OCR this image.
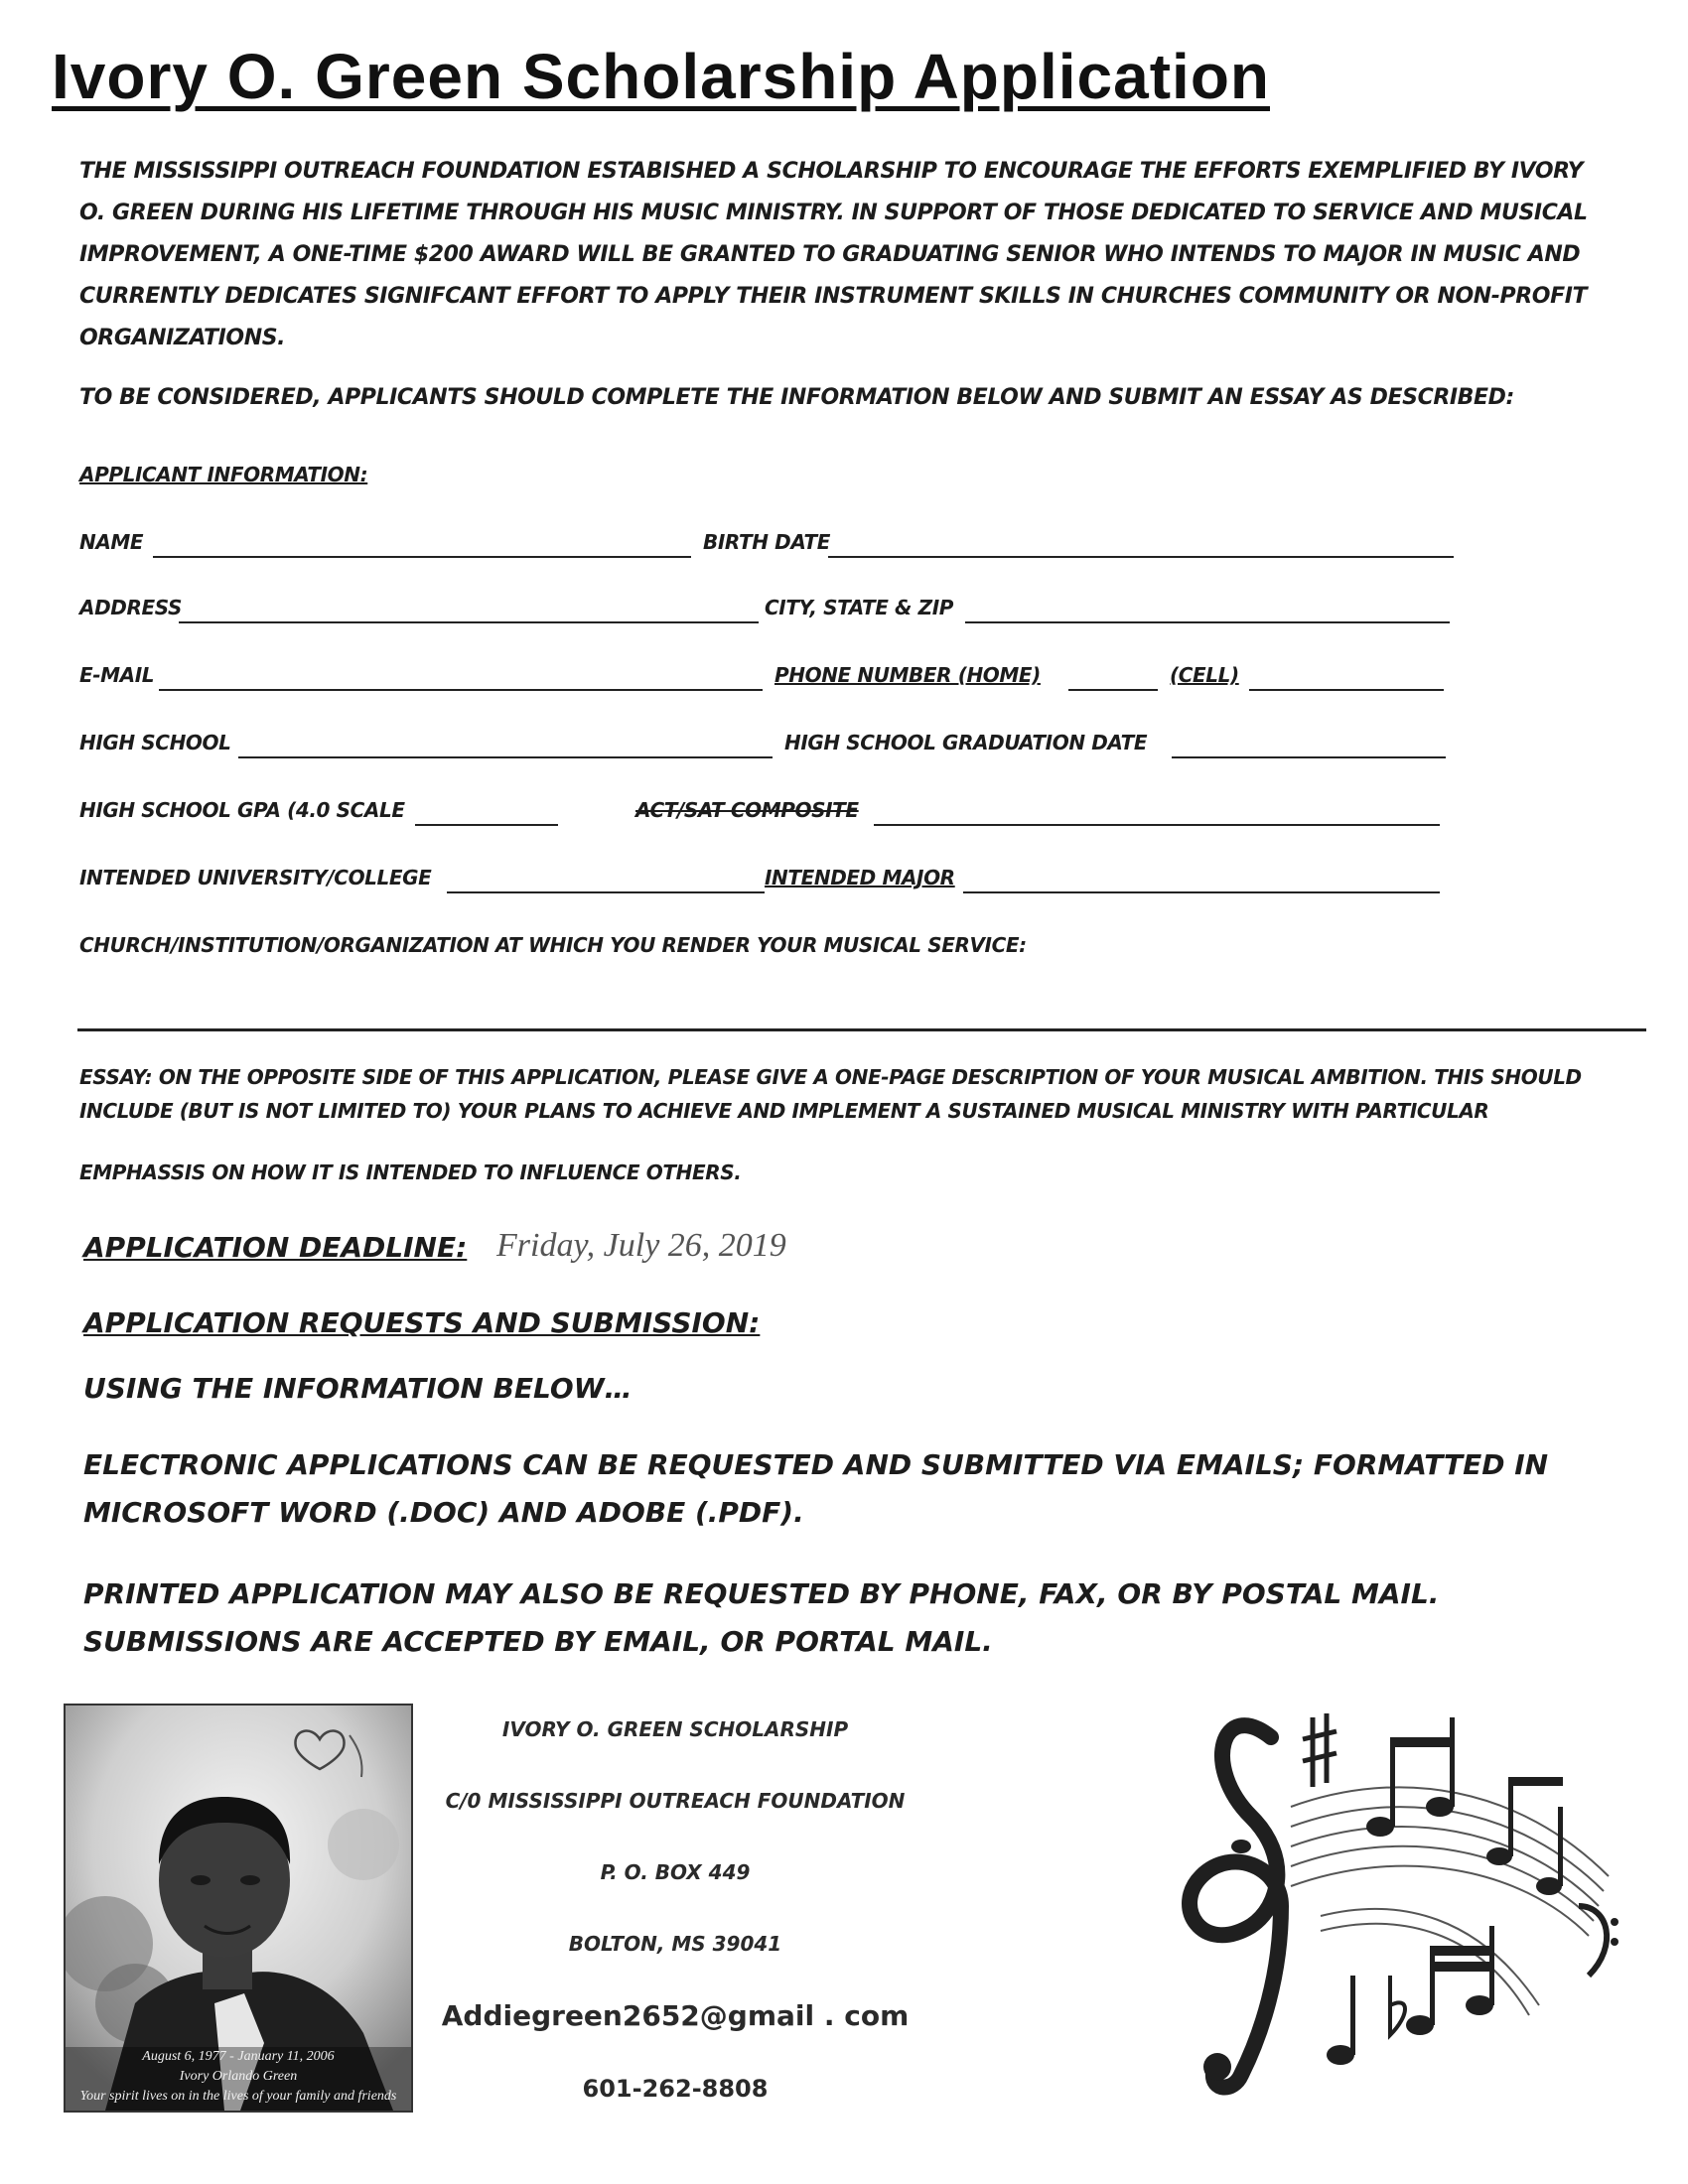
Ivory O. Green Scholarship Application
THE MISSISSIPPI OUTREACH FOUNDATION ESTABISHED A SCHOLARSHIP TO ENCOURAGE THE EFFORTS EXEMPLIFIED BY IVORY O. GREEN DURING HIS LIFETIME THROUGH HIS MUSIC MINISTRY. IN SUPPORT OF THOSE DEDICATED TO SERVICE AND MUSICAL IMPROVEMENT, A ONE-TIME $200 AWARD WILL BE GRANTED TO GRADUATING SENIOR WHO INTENDS TO MAJOR IN MUSIC AND CURRENTLY DEDICATES SIGNIFCANT EFFORT TO APPLY THEIR INSTRUMENT SKILLS IN CHURCHES COMMUNITY OR NON-PROFIT ORGANIZATIONS.
TO BE CONSIDERED, APPLICANTS SHOULD COMPLETE THE INFORMATION BELOW AND SUBMIT AN ESSAY AS DESCRIBED:
APPLICANT INFORMATION:
NAME	BIRTH DATE
ADDRESS	CITY, STATE & ZIP
E-MAIL	PHONE NUMBER (HOME)	(CELL)
HIGH SCHOOL	HIGH SCHOOL GRADUATION DATE
HIGH SCHOOL GPA (4.0 SCALE	ACT/SAT COMPOSITE
INTENDED UNIVERSITY/COLLEGE	INTENDED MAJOR
CHURCH/INSTITUTION/ORGANIZATION AT WHICH YOU RENDER YOUR MUSICAL SERVICE:

ESSAY: ON THE OPPOSITE SIDE OF THIS APPLICATION, PLEASE GIVE A ONE-PAGE DESCRIPTION OF YOUR MUSICAL AMBITION. THIS SHOULD INCLUDE (BUT IS NOT LIMITED TO) YOUR PLANS TO ACHIEVE AND IMPLEMENT A SUSTAINED MUSICAL MINISTRY WITH PARTICULAR

EMPHASSIS ON HOW IT IS INTENDED TO INFLUENCE OTHERS.

APPLICATION DEADLINE: Friday, July 26, 2019
APPLICATION REQUESTS AND SUBMISSION:
USING THE INFORMATION BELOW…
ELECTRONIC APPLICATIONS CAN BE REQUESTED AND SUBMITTED VIA EMAILS; FORMATTED IN MICROSOFT WORD (.DOC) AND ADOBE (.PDF).
PRINTED APPLICATION MAY ALSO BE REQUESTED BY PHONE, FAX, OR BY POSTAL MAIL. SUBMISSIONS ARE ACCEPTED BY EMAIL, OR PORTAL MAIL.
August 6, 1977 - January 11, 2006
Ivory Orlando Green
Your spirit lives on in the lives of your family and friends
IVORY O. GREEN SCHOLARSHIP
C/0 MISSISSIPPI OUTREACH FOUNDATION
P. O. BOX 449
BOLTON, MS 39041
Addiegreen2652@gmail . com
601-262-8808
